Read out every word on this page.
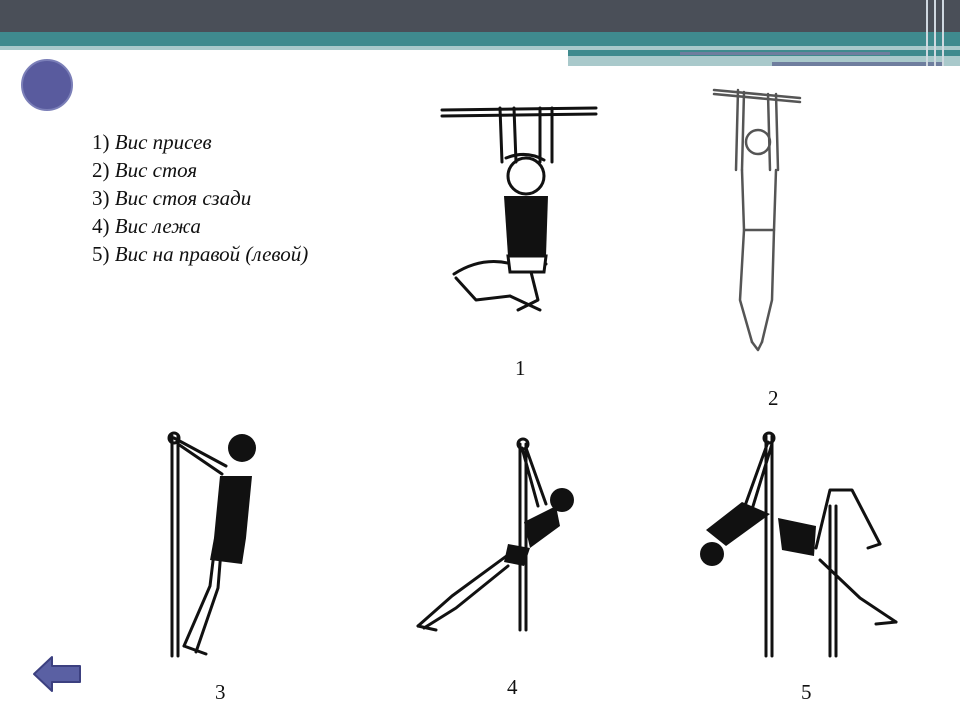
1) Вис присев
2) Вис стоя
3) Вис стоя сзади
4) Вис лежа
5) Вис на правой (левой)
1
2
3	4	5
